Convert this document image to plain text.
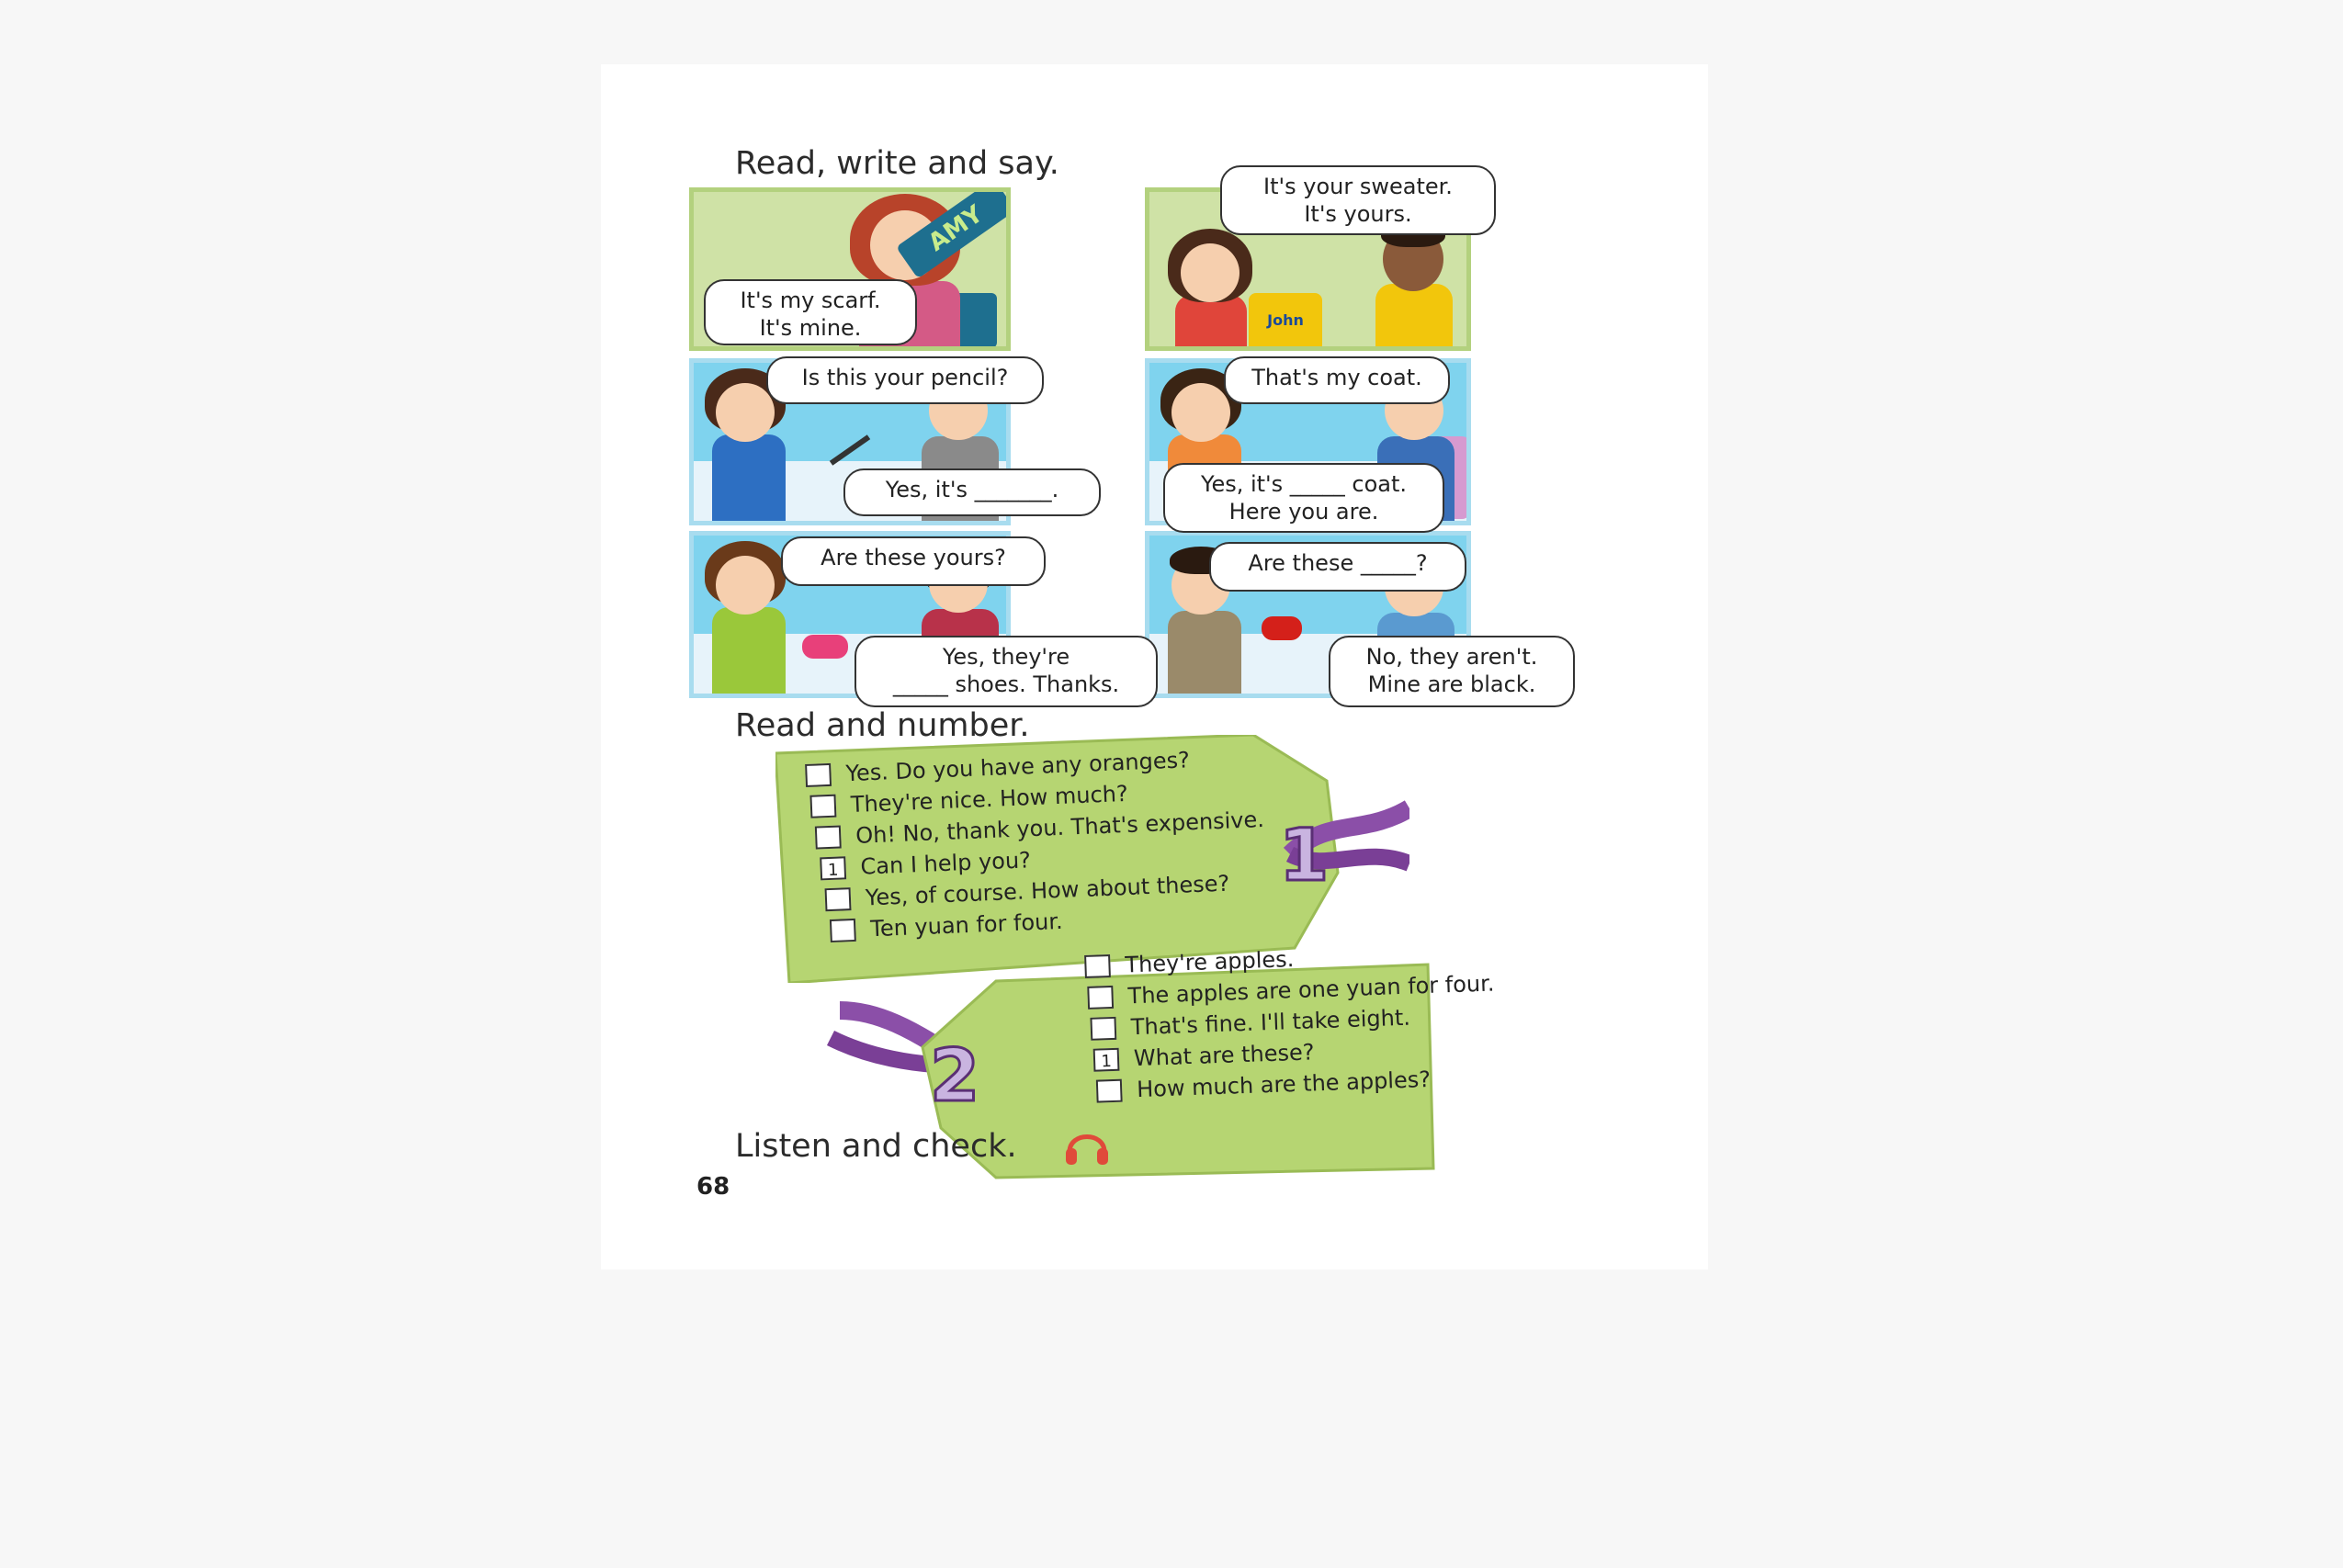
Read, write and say.
AMY
It's my scarf.
It's mine.	John
It's your sweater.
It's yours.
Is this your pencil?
Yes, it's _______.
That's my coat.
Yes, it's _____ coat.
Here you are.
Are these yours?
Yes, they're
_____ shoes. Thanks.
Are these _____?
No, they aren't.
Mine are black.
Read and number.
1
Yes. Do you have any oranges?
They're nice. How much?
Oh! No, thank you. That's expensive.
1 Can I help you?
Yes, of course. How about these?
Ten yuan for four.
2
They're apples.
The apples are one yuan for four.
That's fine. I'll take eight.
1 What are these?
How much are the apples?
Listen and check.
68
